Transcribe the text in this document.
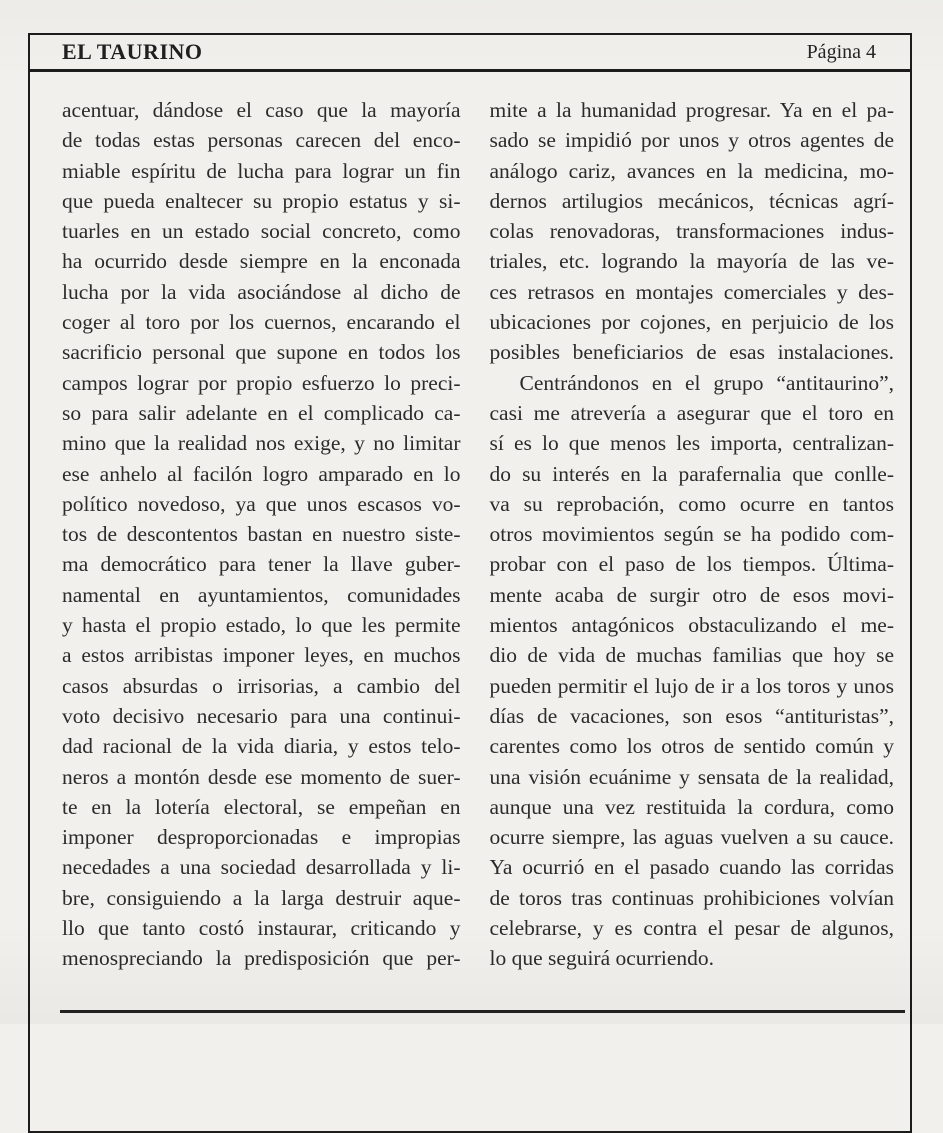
EL TAURINO	Página 4
acentuar, dándose el caso que la mayoría
de todas estas personas carecen del enco-
miable espíritu de lucha para lograr un fin
que pueda enaltecer su propio estatus y si-
tuarles en un estado social concreto, como
ha ocurrido desde siempre en la enconada
lucha por la vida asociándose al dicho de
coger al toro por los cuernos, encarando el
sacrificio personal que supone en todos los
campos lograr por propio esfuerzo lo preci-
so para salir adelante en el complicado ca-
mino que la realidad nos exige, y no limitar
ese anhelo al facilón logro amparado en lo
político novedoso, ya que unos escasos vo-
tos de descontentos bastan en nuestro siste-
ma democrático para tener la llave guber-
namental en ayuntamientos, comunidades
y hasta el propio estado, lo que les permite
a estos arribistas imponer leyes, en muchos
casos absurdas o irrisorias, a cambio del
voto decisivo necesario para una continui-
dad racional de la vida diaria, y estos telo-
neros a montón desde ese momento de suer-
te en la lotería electoral, se empeñan en
imponer desproporcionadas e impropias
necedades a una sociedad desarrollada y li-
bre, consiguiendo a la larga destruir aque-
llo que tanto costó instaurar, criticando y
menospreciando la predisposición que per-
mite a la humanidad progresar. Ya en el pa-
sado se impidió por unos y otros agentes de
análogo cariz, avances en la medicina, mo-
dernos artilugios mecánicos, técnicas agrí-
colas renovadoras, transformaciones indus-
triales, etc. logrando la mayoría de las ve-
ces retrasos en montajes comerciales y des-
ubicaciones por cojones, en perjuicio de los
posibles beneficiarios de esas instalaciones.
Centrándonos en el grupo “antitaurino”,
casi me atrevería a asegurar que el toro en
sí es lo que menos les importa, centralizan-
do su interés en la parafernalia que conlle-
va su reprobación, como ocurre en tantos
otros movimientos según se ha podido com-
probar con el paso de los tiempos. Última-
mente acaba de surgir otro de esos movi-
mientos antagónicos obstaculizando el me-
dio de vida de muchas familias que hoy se
pueden permitir el lujo de ir a los toros y unos
días de vacaciones, son esos “antituristas”,
carentes como los otros de sentido común y
una visión ecuánime y sensata de la realidad,
aunque una vez restituida la cordura, como
ocurre siempre, las aguas vuelven a su cauce.
Ya ocurrió en el pasado cuando las corridas
de toros tras continuas prohibiciones volvían
celebrarse, y es contra el pesar de algunos,
lo que seguirá ocurriendo.
